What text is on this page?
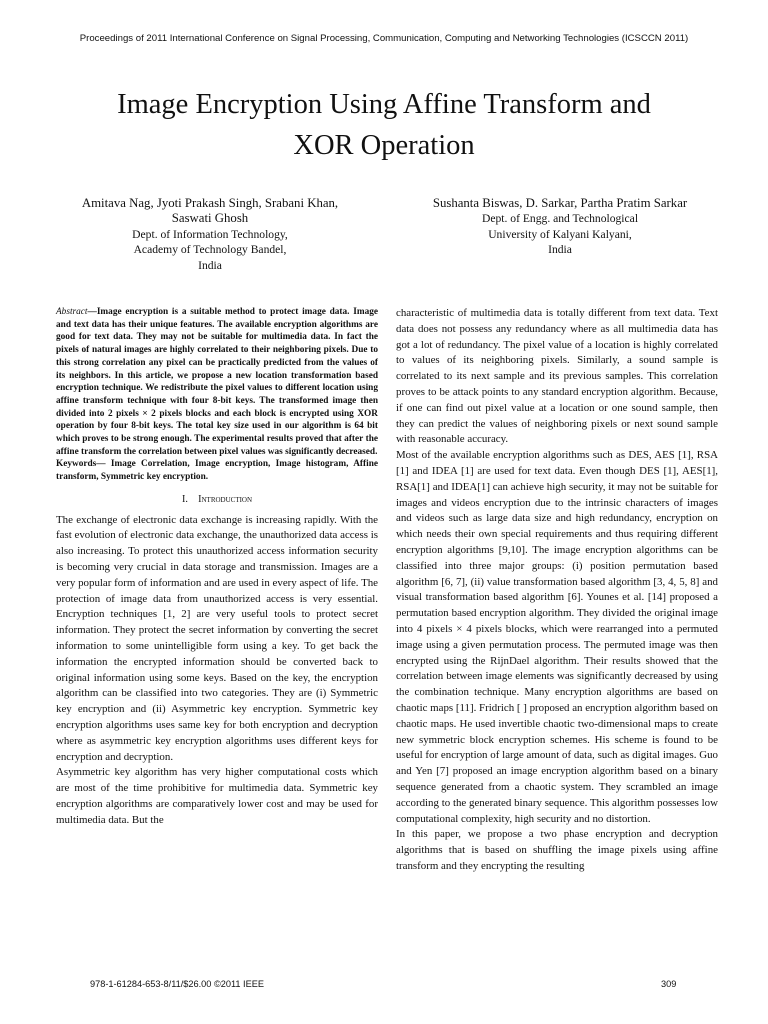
Proceedings of 2011 International Conference on Signal Processing, Communication, Computing and Networking Technologies (ICSCCN 2011)
Image Encryption Using Affine Transform and
XOR Operation
Amitava Nag, Jyoti Prakash Singh, Srabani Khan,
Saswati Ghosh
Dept. of Information Technology,
Academy of Technology Bandel,
India
Sushanta Biswas, D. Sarkar, Partha Pratim Sarkar
Dept. of Engg. and Technological
University of Kalyani Kalyani,
India

Abstract—Image encryption is a suitable method to protect image data. Image and text data has their unique features. The available encryption algorithms are good for text data. They may not be suitable for multimedia data. In fact the pixels of natural images are highly correlated to their neighboring pixels. Due to this strong correlation any pixel can be practically predicted from the values of its neighbors. In this article, we propose a new location transformation based encryption technique. We redistribute the pixel values to different location using affine transform technique with four 8-bit keys. The transformed image then divided into 2 pixels × 2 pixels blocks and each block is encrypted using XOR operation by four 8-bit keys. The total key size used in our algorithm is 64 bit which proves to be strong enough. The experimental results proved that after the affine transform the correlation between pixel values was significantly decreased.

Keywords— Image Correlation, Image encryption, Image histogram, Affine transform, Symmetric key encryption.

I. Introduction

The exchange of electronic data exchange is increasing rapidly. With the fast evolution of electronic data exchange, the unauthorized data access is also increasing. To protect this unauthorized access information security is becoming very crucial in data storage and transmission. Images are a very popular form of information and are used in every aspect of life. The protection of image data from unauthorized access is very essential. Encryption techniques [1, 2] are very useful tools to protect secret information. They protect the secret information by converting the secret information to some unintelligible form using a key. To get back the information the encrypted information should be converted back to original information using some keys. Based on the key, the encryption algorithm can be classified into two categories. They are (i) Symmetric key encryption and (ii) Asymmetric key encryption. Symmetric key encryption algorithms uses same key for both encryption and decryption where as asymmetric key encryption algorithms uses different keys for encryption and decryption.

Asymmetric key algorithm has very higher computational costs which are most of the time prohibitive for multimedia data. Symmetric key encryption algorithms are comparatively lower cost and may be used for multimedia data. But the

characteristic of multimedia data is totally different from text data. Text data does not possess any redundancy where as all multimedia data has got a lot of redundancy. The pixel value of a location is highly correlated to values of its neighboring pixels. Similarly, a sound sample is correlated to its next sample and its previous samples. This correlation proves to be attack points to any standard encryption algorithm. Because, if one can find out pixel value at a location or one sound sample, then they can predict the values of neighboring pixels or next sound sample with reasonable accuracy.

Most of the available encryption algorithms such as DES, AES [1], RSA [1] and IDEA [1] are used for text data. Even though DES [1], AES[1], RSA[1] and IDEA[1] can achieve high security, it may not be suitable for images and videos encryption due to the intrinsic characters of images and videos such as large data size and high redundancy, encryption on which needs their own special requirements and thus requiring different encryption algorithms [9,10]. The image encryption algorithms can be classified into three major groups: (i) position permutation based algorithm [6, 7], (ii) value transformation based algorithm [3, 4, 5, 8] and visual transformation based algorithm [6]. Younes et al. [14] proposed a permutation based encryption algorithm. They divided the original image into 4 pixels × 4 pixels blocks, which were rearranged into a permuted image using a given permutation process. The permuted image was then encrypted using the RijnDael algorithm. Their results showed that the correlation between image elements was significantly decreased by using the combination technique. Many encryption algorithms are based on chaotic maps [11]. Fridrich [ ] proposed an encryption algorithm based on chaotic maps. He used invertible chaotic two-dimensional maps to create new symmetric block encryption schemes. His scheme is found to be useful for encryption of large amount of data, such as digital images. Guo and Yen [7] proposed an image encryption algorithm based on a binary sequence generated from a chaotic system. They scrambled an image according to the generated binary sequence. This algorithm possesses low computational complexity, high security and no distortion.

In this paper, we propose a two phase encryption and decryption algorithms that is based on shuffling the image pixels using affine transform and they encrypting the resulting

978-1-61284-653-8/11/$26.00 ©2011 IEEE	309
